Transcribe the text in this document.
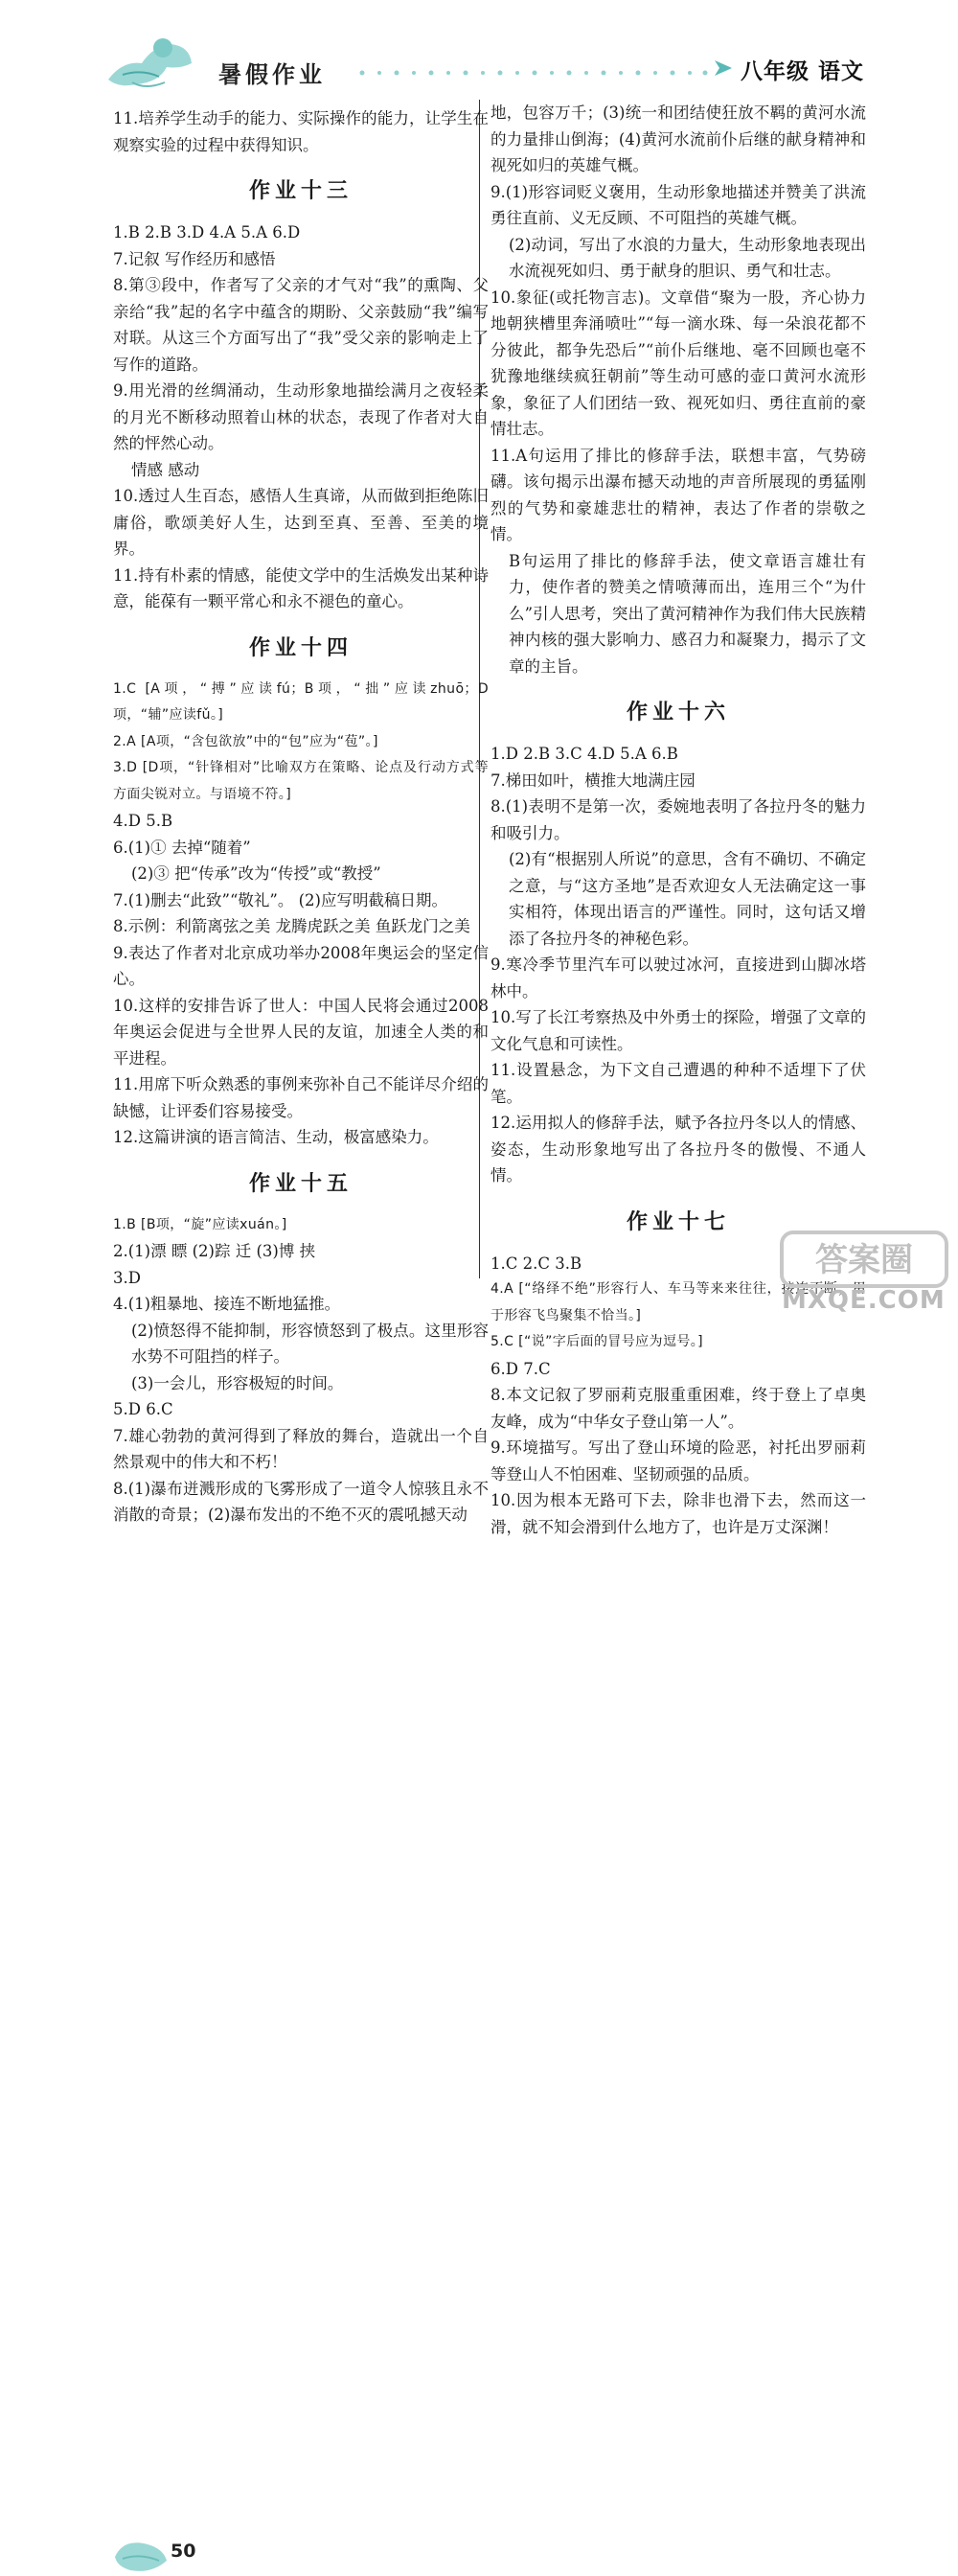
暑假作业	八年级 语文

11.培养学生动手的能力、实际操作的能力，让学生在观察实验的过程中获得知识。

作业十三

1.B 2.B 3.D 4.A 5.A 6.D

7.记叙 写作经历和感悟

8.第③段中，作者写了父亲的才气对“我”的熏陶、父亲给“我”起的名字中蕴含的期盼、父亲鼓励“我”编写对联。从这三个方面写出了“我”受父亲的影响走上了写作的道路。

9.用光滑的丝绸涌动，生动形象地描绘满月之夜轻柔的月光不断移动照着山林的状态，表现了作者对大自然的怦然心动。

情感 感动

10.透过人生百态，感悟人生真谛，从而做到拒绝陈旧庸俗，歌颂美好人生，达到至真、至善、至美的境界。

11.持有朴素的情感，能使文学中的生活焕发出某种诗意，能葆有一颗平常心和永不褪色的童心。

作业十四

1.C [A项，“搏”应读fú；B项，“拙”应读zhuō；D项，“辅”应读fǔ。]

2.A [A项，“含包欲放”中的“包”应为“苞”。]

3.D [D项，“针锋相对”比喻双方在策略、论点及行动方式等方面尖锐对立。与语境不符。]

4.D 5.B

6.(1)① 去掉“随着”

(2)③ 把“传承”改为“传授”或“教授”

7.(1)删去“此致”“敬礼”。 (2)应写明截稿日期。

8.示例：利箭离弦之美 龙腾虎跃之美 鱼跃龙门之美

9.表达了作者对北京成功举办2008年奥运会的坚定信心。

10.这样的安排告诉了世人：中国人民将会通过2008年奥运会促进与全世界人民的友谊，加速全人类的和平进程。

11.用席下听众熟悉的事例来弥补自己不能详尽介绍的缺憾，让评委们容易接受。

12.这篇讲演的语言简洁、生动，极富感染力。

作业十五

1.B [B项，“旋”应读xuán。]

2.(1)漂 瞟 (2)踪 迁 (3)博 挟

3.D

4.(1)粗暴地、接连不断地猛推。

(2)愤怒得不能抑制，形容愤怒到了极点。这里形容水势不可阻挡的样子。

(3)一会儿，形容极短的时间。

5.D 6.C

7.雄心勃勃的黄河得到了释放的舞台，造就出一个自然景观中的伟大和不朽！

8.(1)瀑布迸溅形成的飞雾形成了一道令人惊骇且永不消散的奇景；(2)瀑布发出的不绝不灭的震吼撼天动

地，包容万千；(3)统一和团结使狂放不羁的黄河水流的力量排山倒海；(4)黄河水流前仆后继的献身精神和视死如归的英雄气概。

9.(1)形容词贬义褒用，生动形象地描述并赞美了洪流勇往直前、义无反顾、不可阻挡的英雄气概。

(2)动词，写出了水浪的力量大，生动形象地表现出水流视死如归、勇于献身的胆识、勇气和壮志。

10.象征(或托物言志)。文章借“聚为一股，齐心协力地朝狭槽里奔涌喷吐”“每一滴水珠、每一朵浪花都不分彼此，都争先恐后”“前仆后继地、毫不回顾也毫不犹豫地继续疯狂朝前”等生动可感的壶口黄河水流形象，象征了人们团结一致、视死如归、勇往直前的豪情壮志。

11.A句运用了排比的修辞手法，联想丰富，气势磅礴。该句揭示出瀑布撼天动地的声音所展现的勇猛刚烈的气势和豪雄悲壮的精神，表达了作者的崇敬之情。

B句运用了排比的修辞手法，使文章语言雄壮有力，使作者的赞美之情喷薄而出，连用三个“为什么”引人思考，突出了黄河精神作为我们伟大民族精神内核的强大影响力、感召力和凝聚力，揭示了文章的主旨。

作业十六

1.D 2.B 3.C 4.D 5.A 6.B

7.梯田如叶，横推大地满庄园

8.(1)表明不是第一次，委婉地表明了各拉丹冬的魅力和吸引力。

(2)有“根据别人所说”的意思，含有不确切、不确定之意，与“这方圣地”是否欢迎女人无法确定这一事实相符，体现出语言的严谨性。同时，这句话又增添了各拉丹冬的神秘色彩。

9.寒冷季节里汽车可以驶过冰河，直接进到山脚冰塔林中。

10.写了长江考察热及中外勇士的探险，增强了文章的文化气息和可读性。

11.设置悬念，为下文自己遭遇的种种不适埋下了伏笔。

12.运用拟人的修辞手法，赋予各拉丹冬以人的情感、姿态，生动形象地写出了各拉丹冬的傲慢、不通人情。

作业十七

1.C 2.C 3.B

4.A [“络绎不绝”形容行人、车马等来来往往，接连不断，用于形容飞鸟聚集不恰当。]

5.C [“说”字后面的冒号应为逗号。]

6.D 7.C

8.本文记叙了罗丽莉克服重重困难，终于登上了卓奥友峰，成为“中华女子登山第一人”。

9.环境描写。写出了登山环境的险恶，衬托出罗丽莉等登山人不怕困难、坚韧顽强的品质。

10.因为根本无路可下去，除非也滑下去，然而这一滑，就不知会滑到什么地方了，也许是万丈深渊！

50
答案圈
MXQE.COM
